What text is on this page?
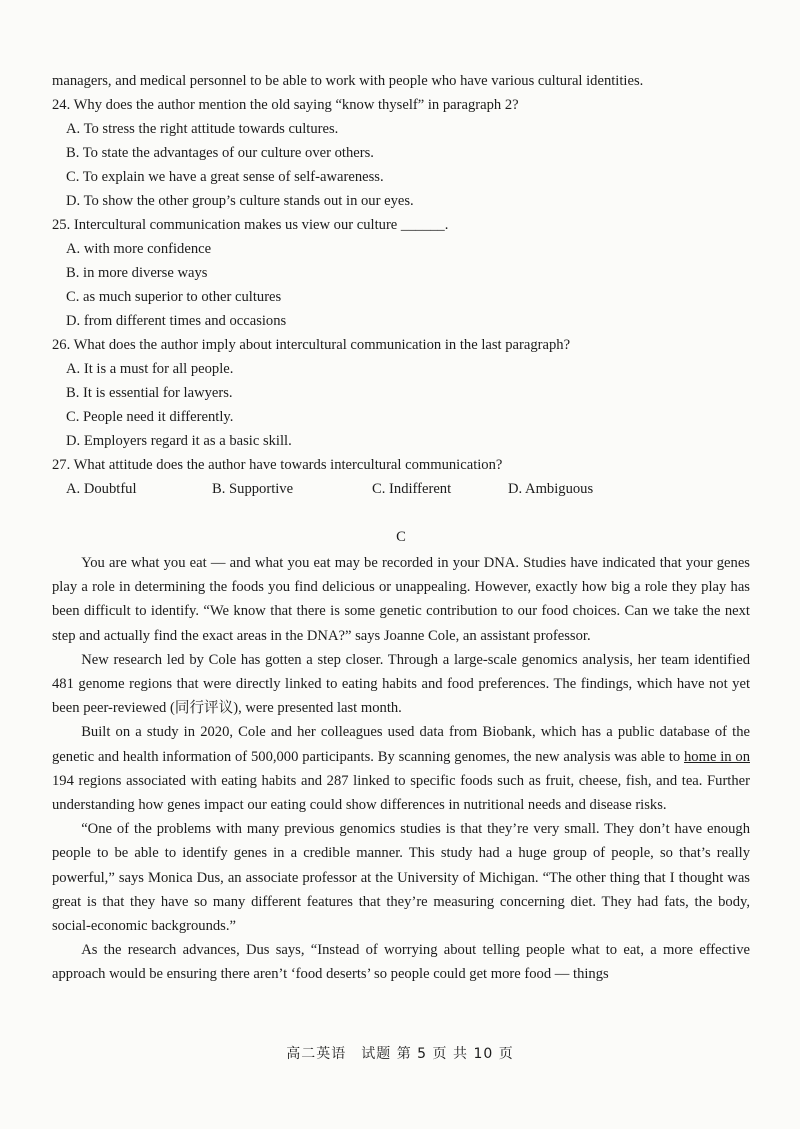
managers, and medical personnel to be able to work with people who have various cultural identities.
24. Why does the author mention the old saying “know thyself” in paragraph 2?
A. To stress the right attitude towards cultures.
B. To state the advantages of our culture over others.
C. To explain we have a great sense of self-awareness.
D. To show the other group’s culture stands out in our eyes.
25. Intercultural communication makes us view our culture ______.
A. with more confidence
B. in more diverse ways
C. as much superior to other cultures
D. from different times and occasions
26. What does the author imply about intercultural communication in the last paragraph?
A. It is a must for all people.
B. It is essential for lawyers.
C. People need it differently.
D. Employers regard it as a basic skill.
27. What attitude does the author have towards intercultural communication?
A. Doubtful	B. Supportive	C. Indifferent	D. Ambiguous
C

You are what you eat — and what you eat may be recorded in your DNA. Studies have indicated that your genes play a role in determining the foods you find delicious or unappealing. However, exactly how big a role they play has been difficult to identify. “We know that there is some genetic contribution to our food choices. Can we take the next step and actually find the exact areas in the DNA?” says Joanne Cole, an assistant professor.

New research led by Cole has gotten a step closer. Through a large-scale genomics analysis, her team identified 481 genome regions that were directly linked to eating habits and food preferences. The findings, which have not yet been peer-reviewed (同行评议), were presented last month.

Built on a study in 2020, Cole and her colleagues used data from Biobank, which has a public database of the genetic and health information of 500,000 participants. By scanning genomes, the new analysis was able to home in on 194 regions associated with eating habits and 287 linked to specific foods such as fruit, cheese, fish, and tea. Further understanding how genes impact our eating could show differences in nutritional needs and disease risks.

“One of the problems with many previous genomics studies is that they’re very small. They don’t have enough people to be able to identify genes in a credible manner. This study had a huge group of people, so that’s really powerful,” says Monica Dus, an associate professor at the University of Michigan. “The other thing that I thought was great is that they have so many different features that they’re measuring concerning diet. They had fats, the body, social-economic backgrounds.”

As the research advances, Dus says, “Instead of worrying about telling people what to eat, a more effective approach would be ensuring there aren’t ‘food deserts’ so people could get more food — things

高二英语　试题 第 5 页 共 10 页
